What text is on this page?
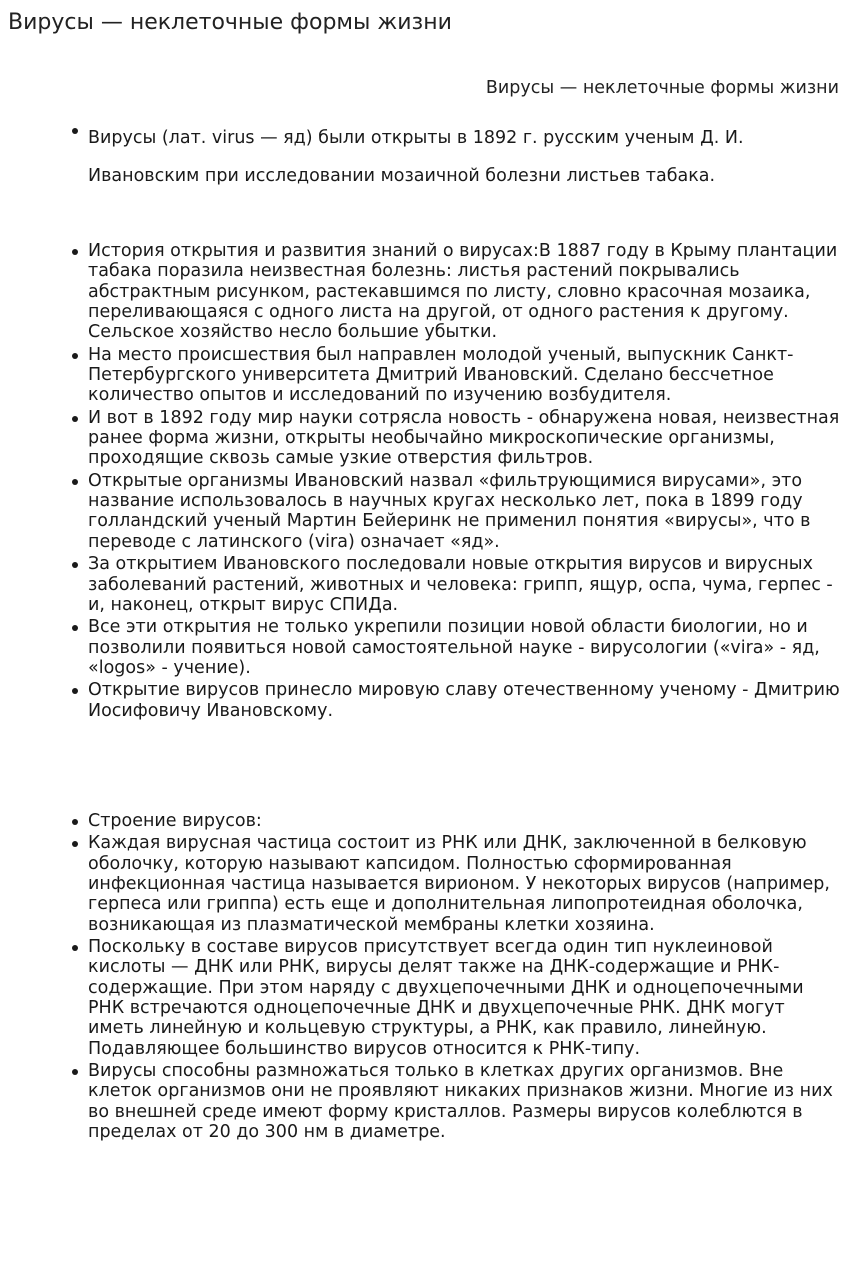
Вирусы — неклеточные формы жизни
Вирусы — неклеточные формы жизни
Вирусы (лат. virus — яд) были открыты в 1892 г. русским ученым Д. И. Ивановским при исследовании мозаичной болезни листьев табака.
История открытия и развития знаний о вирусах:В 1887 году в Крыму плантации табака поразила неизвестная болезнь: листья растений покрывались абстрактным рисунком, растекавшимся по листу, словно красочная мозаика, переливающаяся с одного листа на другой, от одного растения к другому. Сельское хозяйство несло большие убытки.
На место происшествия был направлен молодой ученый, выпускник Санкт-Петербургского университета Дмитрий Ивановский. Сделано бессчетное количество опытов и исследований по изучению возбудителя.
И вот в 1892 году мир науки сотрясла новость - обнаружена новая, неизвестная ранее форма жизни, открыты необычайно микроскопические организмы, проходящие сквозь самые узкие отверстия фильтров.
Открытые организмы Ивановский назвал «фильтрующимися вирусами», это название использовалось в научных кругах несколько лет, пока в 1899 году голландский ученый Мартин Бейеринк не применил понятия «вирусы», что в переводе с латинского (vira) означает «яд».
За открытием Ивановского последовали новые открытия вирусов и вирусных заболеваний растений, животных и человека: грипп, ящур, оспа, чума, герпес - и, наконец, открыт вирус СПИДа.
Все эти открытия не только укрепили позиции новой области биологии, но и позволили появиться новой самостоятельной науке - вирусологии («vira» - яд, «logos» - учение).
Открытие вирусов принесло мировую славу отечественному ученому - Дмитрию Иосифовичу Ивановскому.
Строение вирусов:
Каждая вирусная частица состоит из РНК или ДНК, заключенной в белковую оболочку, которую называют капсидом. Полностью сформированная инфекционная частица называется вирионом. У некоторых вирусов (например, герпеса или гриппа) есть еще и дополнительная липопротеидная оболочка, возникающая из плазматической мембраны клетки хозяина.
Поскольку в составе вирусов присутствует всегда один тип нуклеиновой кислоты — ДНК или РНК, вирусы делят также на ДНК-содержащие и РНК-содержащие. При этом наряду с двухцепочечными ДНК и одноцепочечными РНК встречаются одноцепочечные ДНК и двухцепочечные РНК. ДНК могут иметь линейную и кольцевую структуры, а РНК, как правило, линейную. Подавляющее большинство вирусов относится к РНК-типу.
Вирусы способны размножаться только в клетках других организмов. Вне клеток организмов они не проявляют никаких признаков жизни. Многие из них во внешней среде имеют форму кристаллов. Размеры вирусов колеблются в пределах от 20 до 300 нм в диаметре.
